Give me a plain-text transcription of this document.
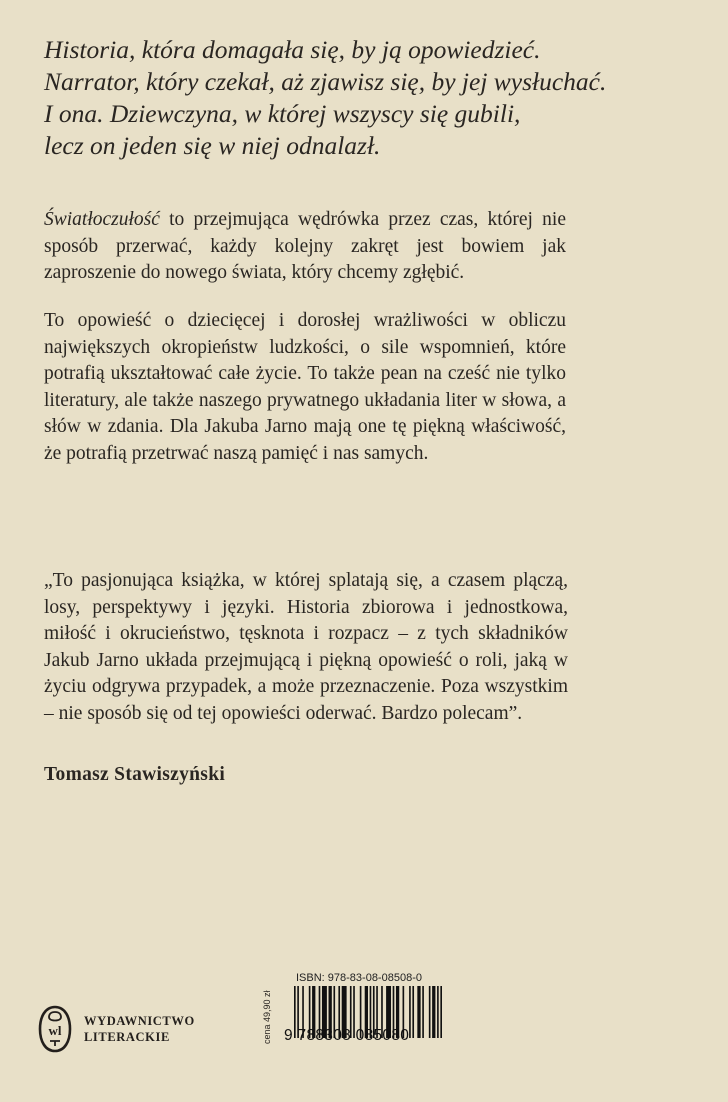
Historia, która domagała się, by ją opowiedzieć.
Narrator, który czekał, aż zjawisz się, by jej wysłuchać.
I ona. Dziewczyna, w której wszyscy się gubili,
lecz on jeden się w niej odnalazł.

Światłoczułość to przejmująca wędrówka przez czas, której nie sposób przerwać, każdy kolejny zakręt jest bowiem jak zaproszenie do nowego świata, który chcemy zgłębić.

To opowieść o dziecięcej i dorosłej wrażliwości w obliczu największych okropieństw ludzkości, o sile wspomnień, które potrafią ukształtować całe życie. To także pean na cześć nie tylko literatury, ale także naszego prywatnego układania liter w słowa, a słów w zdania. Dla Jakuba Jarno mają one tę piękną właściwość, że potrafią przetrwać naszą pamięć i nas samych.

„To pasjonująca książka, w której splatają się, a czasem plączą, losy, perspektywy i języki. Historia zbiorowa i jednostkowa, miłość i okrucieństwo, tęsknota i rozpacz – z tych składników Jakub Jarno układa przejmującą i piękną opowieść o roli, jaką w życiu odgrywa przypadek, a może przeznaczenie. Poza wszystkim – nie sposób się od tej opowieści oderwać. Bardzo polecam”.

Tomasz Stawiszyński

wl
WYDAWNICTWO
LITERACKIE	cena 49,90 zł

ISBN: 978-83-08-08508-0

9 788308 085080
